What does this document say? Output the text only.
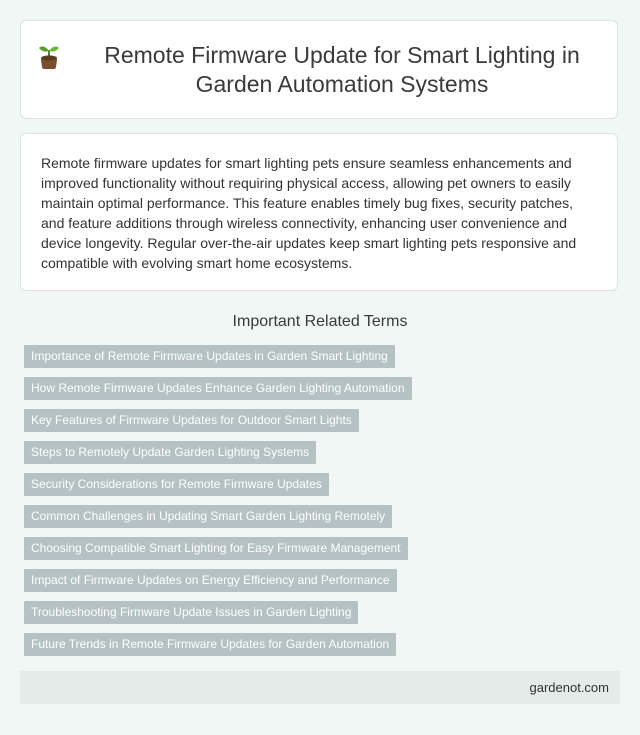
Remote Firmware Update for Smart Lighting in Garden Automation Systems

Remote firmware updates for smart lighting pets ensure seamless enhancements and improved functionality without requiring physical access, allowing pet owners to easily maintain optimal performance. This feature enables timely bug fixes, security patches, and feature additions through wireless connectivity, enhancing user convenience and device longevity. Regular over-the-air updates keep smart lighting pets responsive and compatible with evolving smart home ecosystems.

Important Related Terms
Importance of Remote Firmware Updates in Garden Smart Lighting
How Remote Firmware Updates Enhance Garden Lighting Automation
Key Features of Firmware Updates for Outdoor Smart Lights
Steps to Remotely Update Garden Lighting Systems
Security Considerations for Remote Firmware Updates
Common Challenges in Updating Smart Garden Lighting Remotely
Choosing Compatible Smart Lighting for Easy Firmware Management
Impact of Firmware Updates on Energy Efficiency and Performance
Troubleshooting Firmware Update Issues in Garden Lighting
Future Trends in Remote Firmware Updates for Garden Automation
gardenot.com
